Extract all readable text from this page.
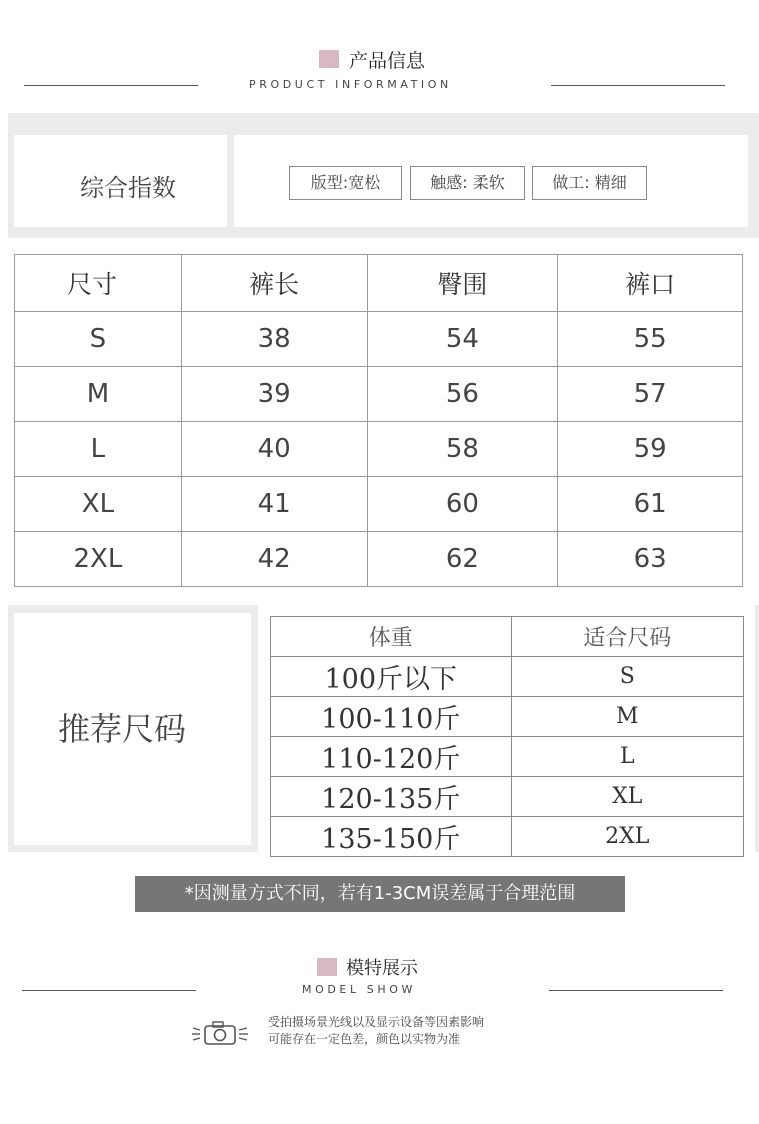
产品信息
PRODUCT INFORMATION
综合指数	版型:宽松	触感: 柔软	做工: 精细
尺寸	裤长	臀围	裤口
S	38	54	55
M	39	56	57
L	40	58	59
XL	41	60	61
2XL	42	62	63
推荐尺码
体重	适合尺码
100斤以下	S
100-110斤	M
110-120斤	L
120-135斤	XL
135-150斤	2XL
*因测量方式不同，若有1-3CM误差属于合理范围
模特展示
MODEL SHOW
受拍摄场景光线以及显示设备等因素影响
可能存在一定色差，颜色以实物为准
